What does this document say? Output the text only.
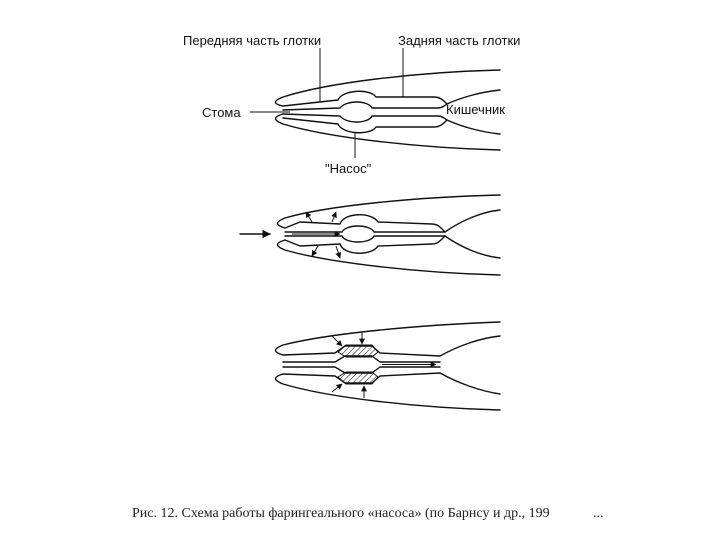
Передняя часть глотки	Задняя часть глотки
Стома	Кишечник
"Насос"
Рис. 12. Схема работы фарингеального «насоса» (по Барнсу и др., 199	...
